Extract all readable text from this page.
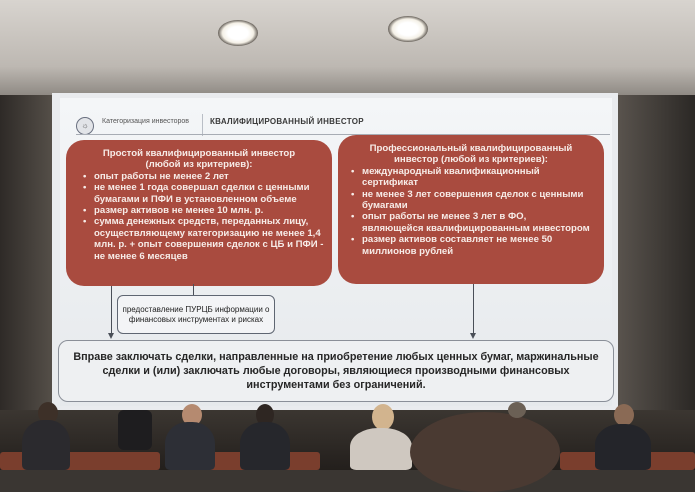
☼	Категоризация инвесторов	КВАЛИФИЦИРОВАННЫЙ ИНВЕСТОР
Простой квалифицированный инвестор (любой из критериев):
• опыт работы не менее 2 лет
• не менее 1 года совершал сделки с ценными бумагами и ПФИ в установленном объеме
• размер активов не менее 10 млн. р.
• сумма денежных средств, переданных лицу, осуществляющему категоризацию не менее 1,4 млн. р. + опыт совершения сделок с ЦБ и ПФИ - не менее 6 месяцев
Профессиональный квалифицированный инвестор (любой из критериев):
• международный квалификационный сертификат
• не менее 3 лет совершения сделок с ценными бумагами
• опыт работы не менее 3 лет в ФО, являющейся квалифицированным инвестором
• размер активов составляет не менее 50 миллионов рублей
предоставление ПУРЦБ информации о финансовых инструментах и рисках
Вправе заключать сделки, направленные на приобретение любых ценных бумаг, маржинальные сделки и (или) заключать любые договоры, являющиеся производными финансовых инструментами без ограничений.
